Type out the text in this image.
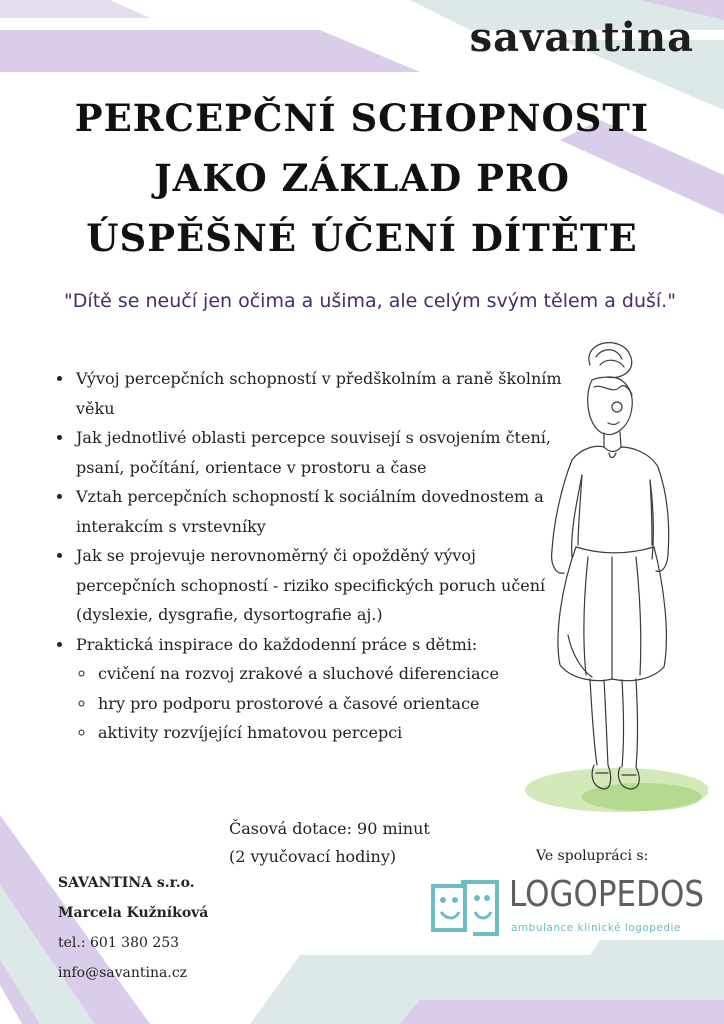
savantina
PERCEPČNÍ SCHOPNOSTI
JAKO ZÁKLAD PRO
ÚSPĚŠNÉ ÚČENÍ DÍTĚTE
"Dítě se neučí jen očima a ušima, ale celým svým tělem a duší."
• Vývoj percepčních schopností v předškolním a raně školním věku
• Jak jednotlivé oblasti percepce souvisejí s osvojením čtení, psaní, počítání, orientace v prostoru a čase
• Vztah percepčních schopností k sociálním dovednostem a interakcím s vrstevníky
• Jak se projevuje nerovnoměrný či opožděný vývoj percepčních schopností - riziko specifických poruch učení (dyslexie, dysgrafie, dysortografie aj.)
• Praktická inspirace do každodenní práce s dětmi:
◦ cvičení na rozvoj zrakové a sluchové diferenciace
◦ hry pro podporu prostorové a časové orientace
◦ aktivity rozvíjející hmatovou percepci
Časová dotace: 90 minut
(2 vyučovací hodiny)
SAVANTINA s.r.o.
Marcela Kužníková
tel.: 601 380 253
info@savantina.cz
Ve spolupráci s:
LOGOPEDOS
ambulance klinické logopedie
